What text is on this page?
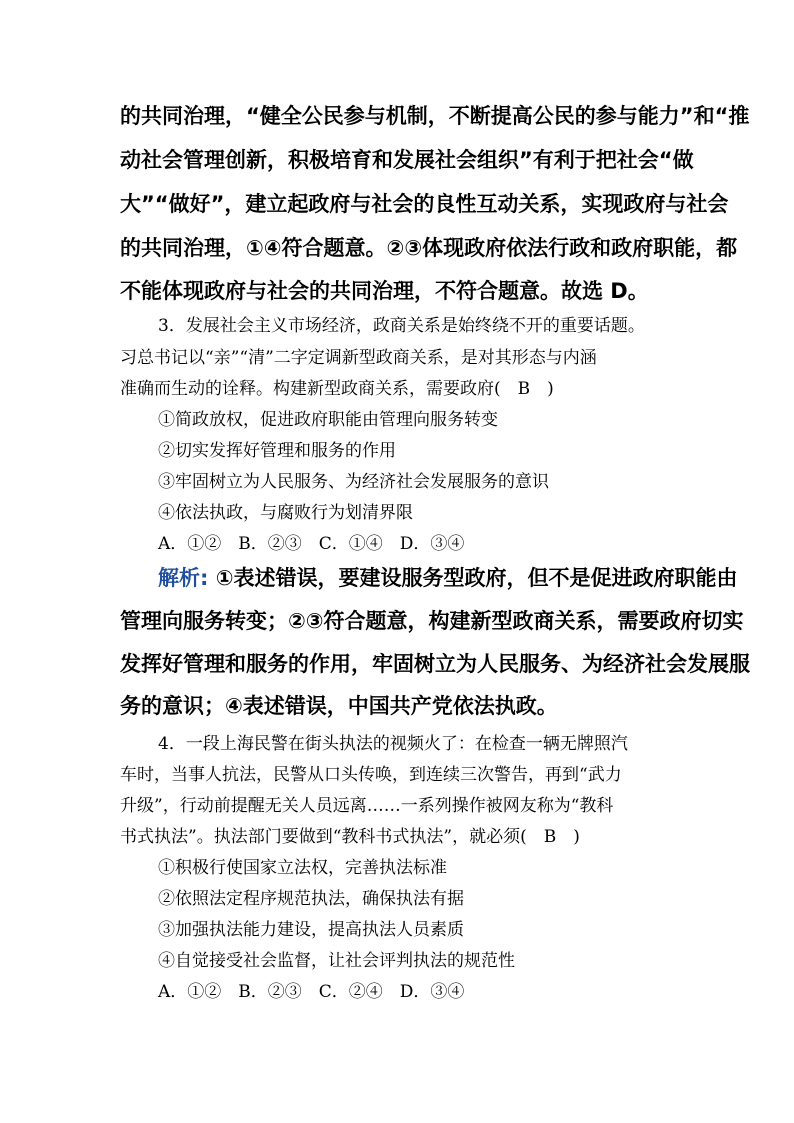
的共同治理，“健全公民参与机制，不断提高公民的参与能力”和“推
动社会管理创新，积极培育和发展社会组织”有利于把社会“做
大”“做好”，建立起政府与社会的良性互动关系，实现政府与社会
的共同治理，①④符合题意。②③体现政府依法行政和政府职能，都
不能体现政府与社会的共同治理，不符合题意。故选 D。
3．发展社会主义市场经济，政商关系是始终绕不开的重要话题。
习总书记以“亲”“清”二字定调新型政商关系，是对其形态与内涵
准确而生动的诠释。构建新型政商关系，需要政府(　B　)
①简政放权，促进政府职能由管理向服务转变
②切实发挥好管理和服务的作用
③牢固树立为人民服务、为经济社会发展服务的意识
④依法执政，与腐败行为划清界限
A．①②　B．②③　C．①④　D．③④
解析: ①表述错误，要建设服务型政府，但不是促进政府职能由
管理向服务转变；②③符合题意，构建新型政商关系，需要政府切实
发挥好管理和服务的作用，牢固树立为人民服务、为经济社会发展服
务的意识；④表述错误，中国共产党依法执政。
4．一段上海民警在街头执法的视频火了：在检查一辆无牌照汽
车时，当事人抗法，民警从口头传唤，到连续三次警告，再到“武力
升级”，行动前提醒无关人员远离……一系列操作被网友称为“教科
书式执法”。执法部门要做到“教科书式执法”，就必须(　B　)
①积极行使国家立法权，完善执法标准
②依照法定程序规范执法，确保执法有据
③加强执法能力建设，提高执法人员素质
④自觉接受社会监督，让社会评判执法的规范性
A．①②　B．②③　C．②④　D．③④
